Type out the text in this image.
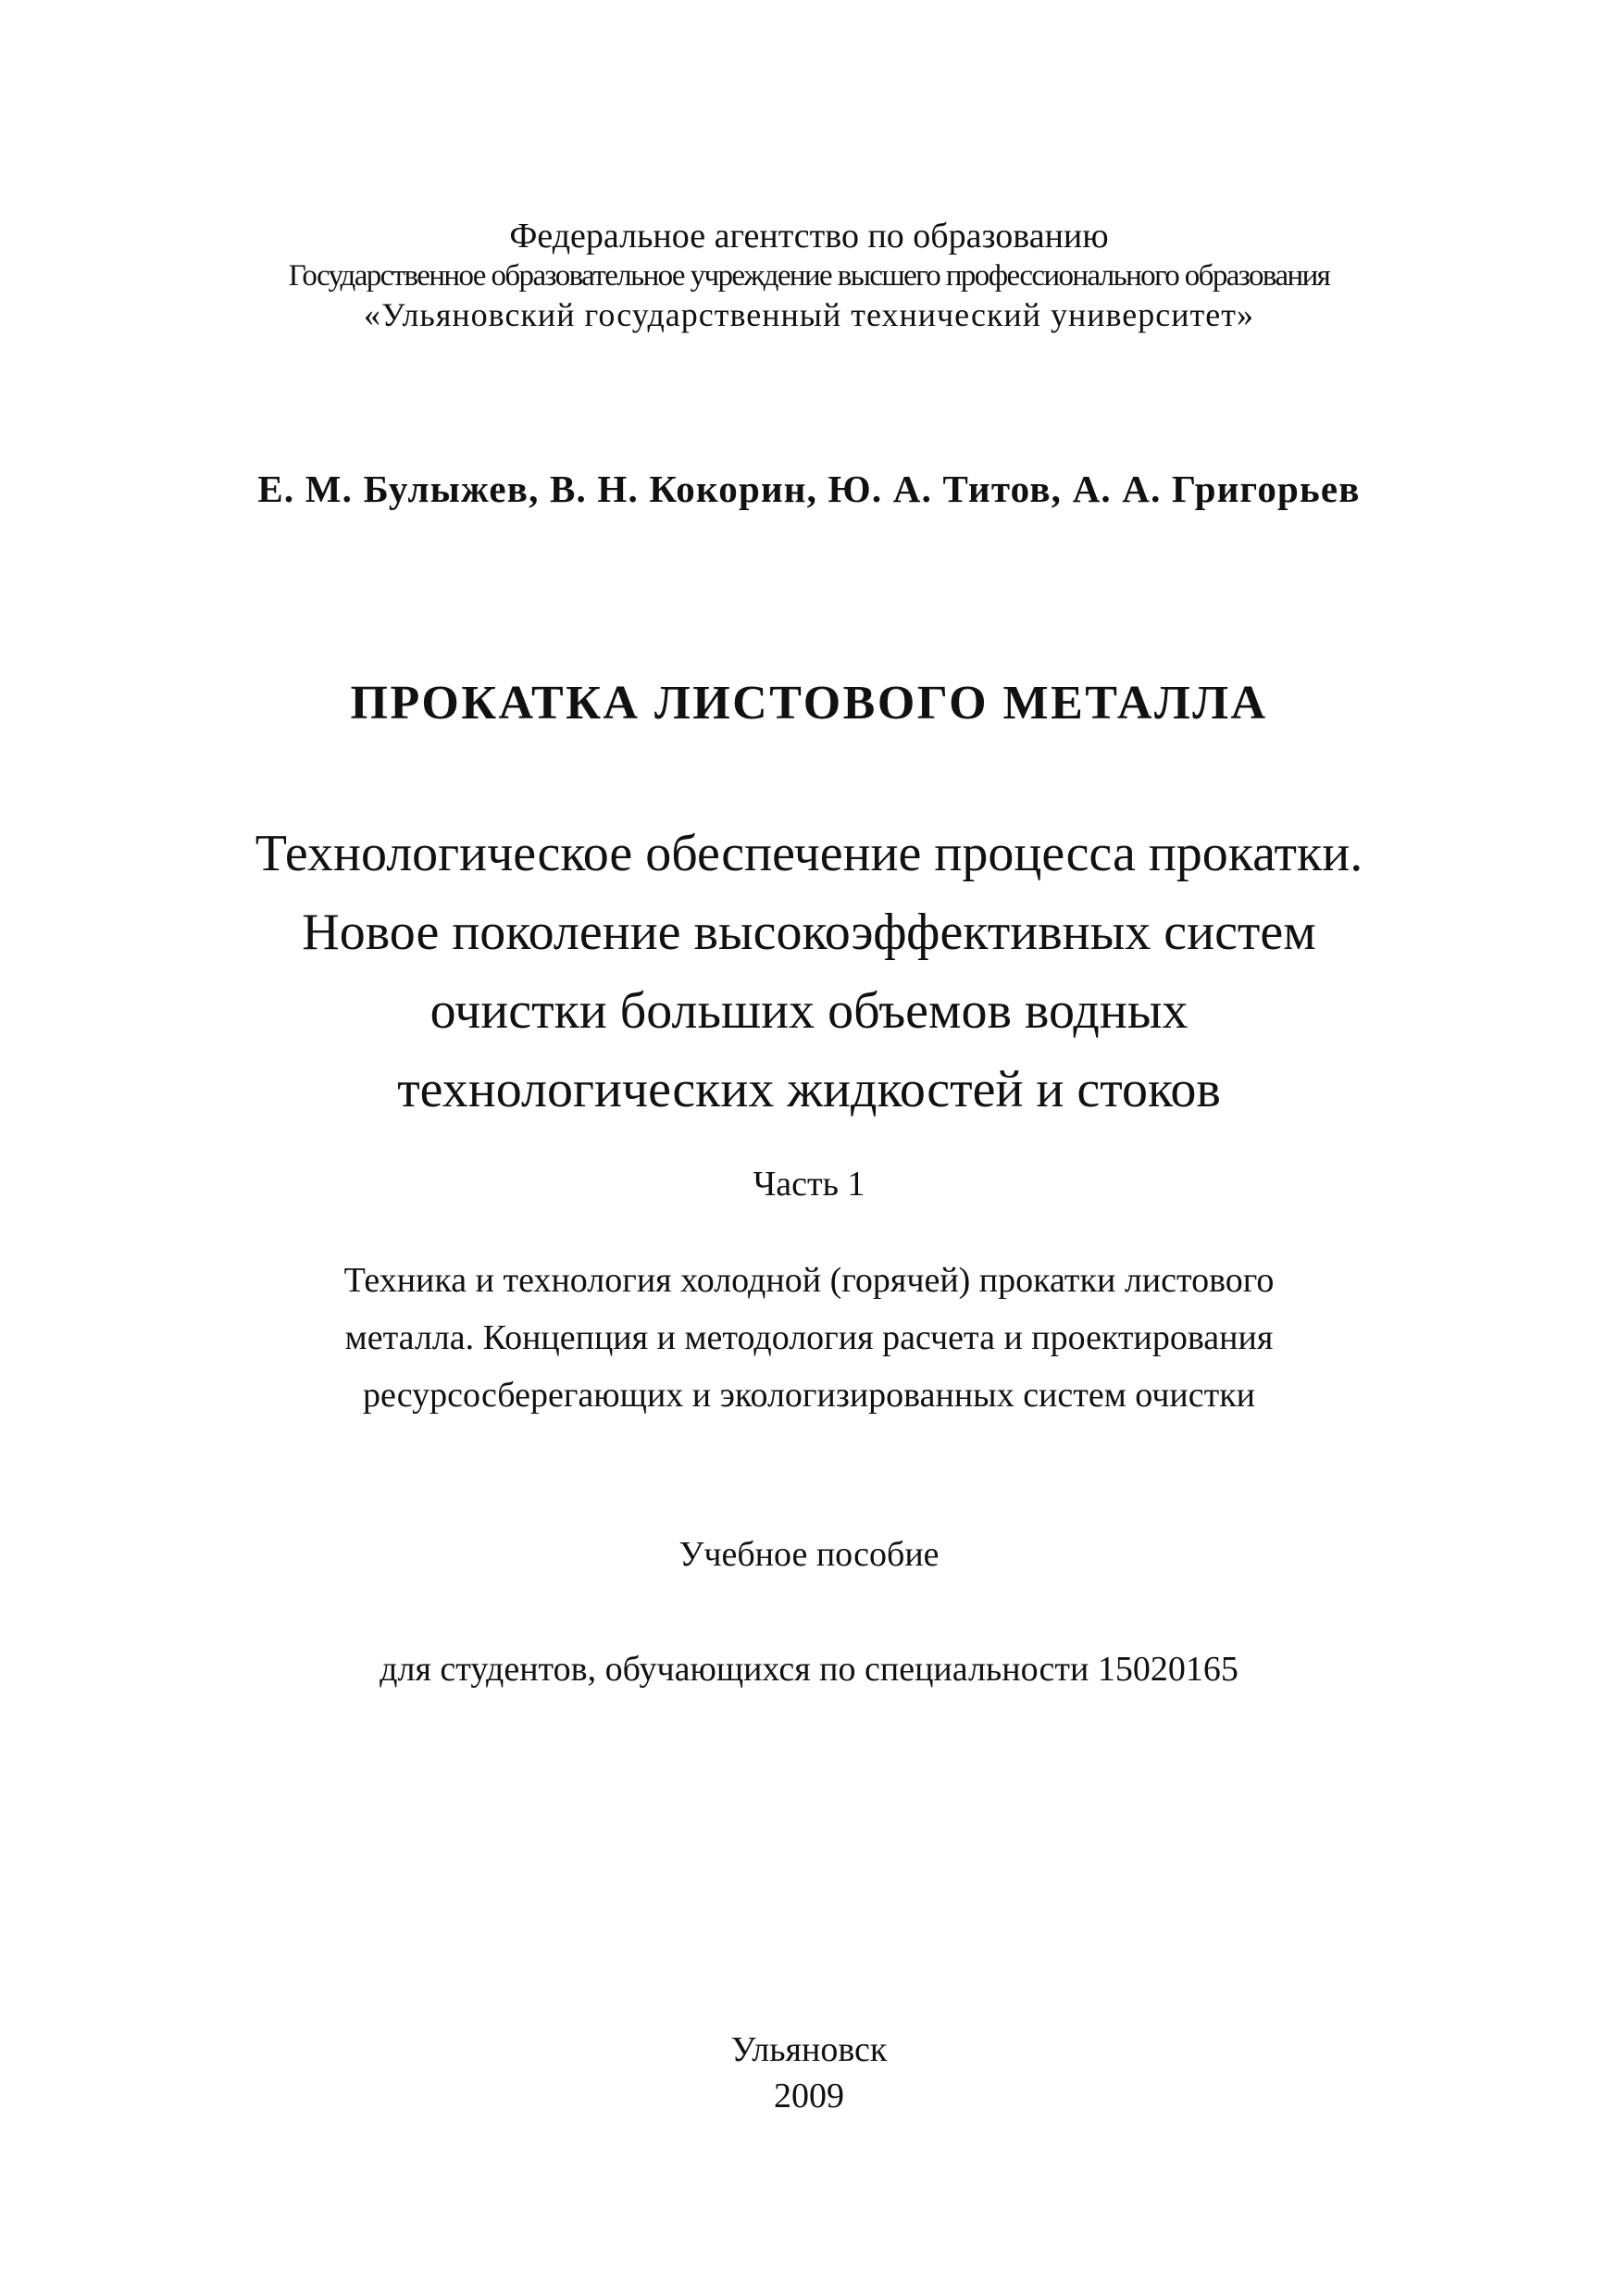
Федеральное агентство по образованию
Государственное образовательное учреждение высшего профессионального образования
«Ульяновский государственный технический университет»
Е. М. Булыжев, В. Н. Кокорин, Ю. А. Титов, А. А. Григорьев
ПРОКАТКА ЛИСТОВОГО МЕТАЛЛА
Технологическое обеспечение процесса прокатки.
Новое поколение высокоэффективных систем
очистки больших объемов водных
технологических жидкостей и стоков
Часть 1
Техника и технология холодной (горячей) прокатки листового
металла. Концепция и методология расчета и проектирования
ресурсосберегающих и экологизированных систем очистки
Учебное пособие
для студентов, обучающихся по специальности 15020165
Ульяновск
2009
